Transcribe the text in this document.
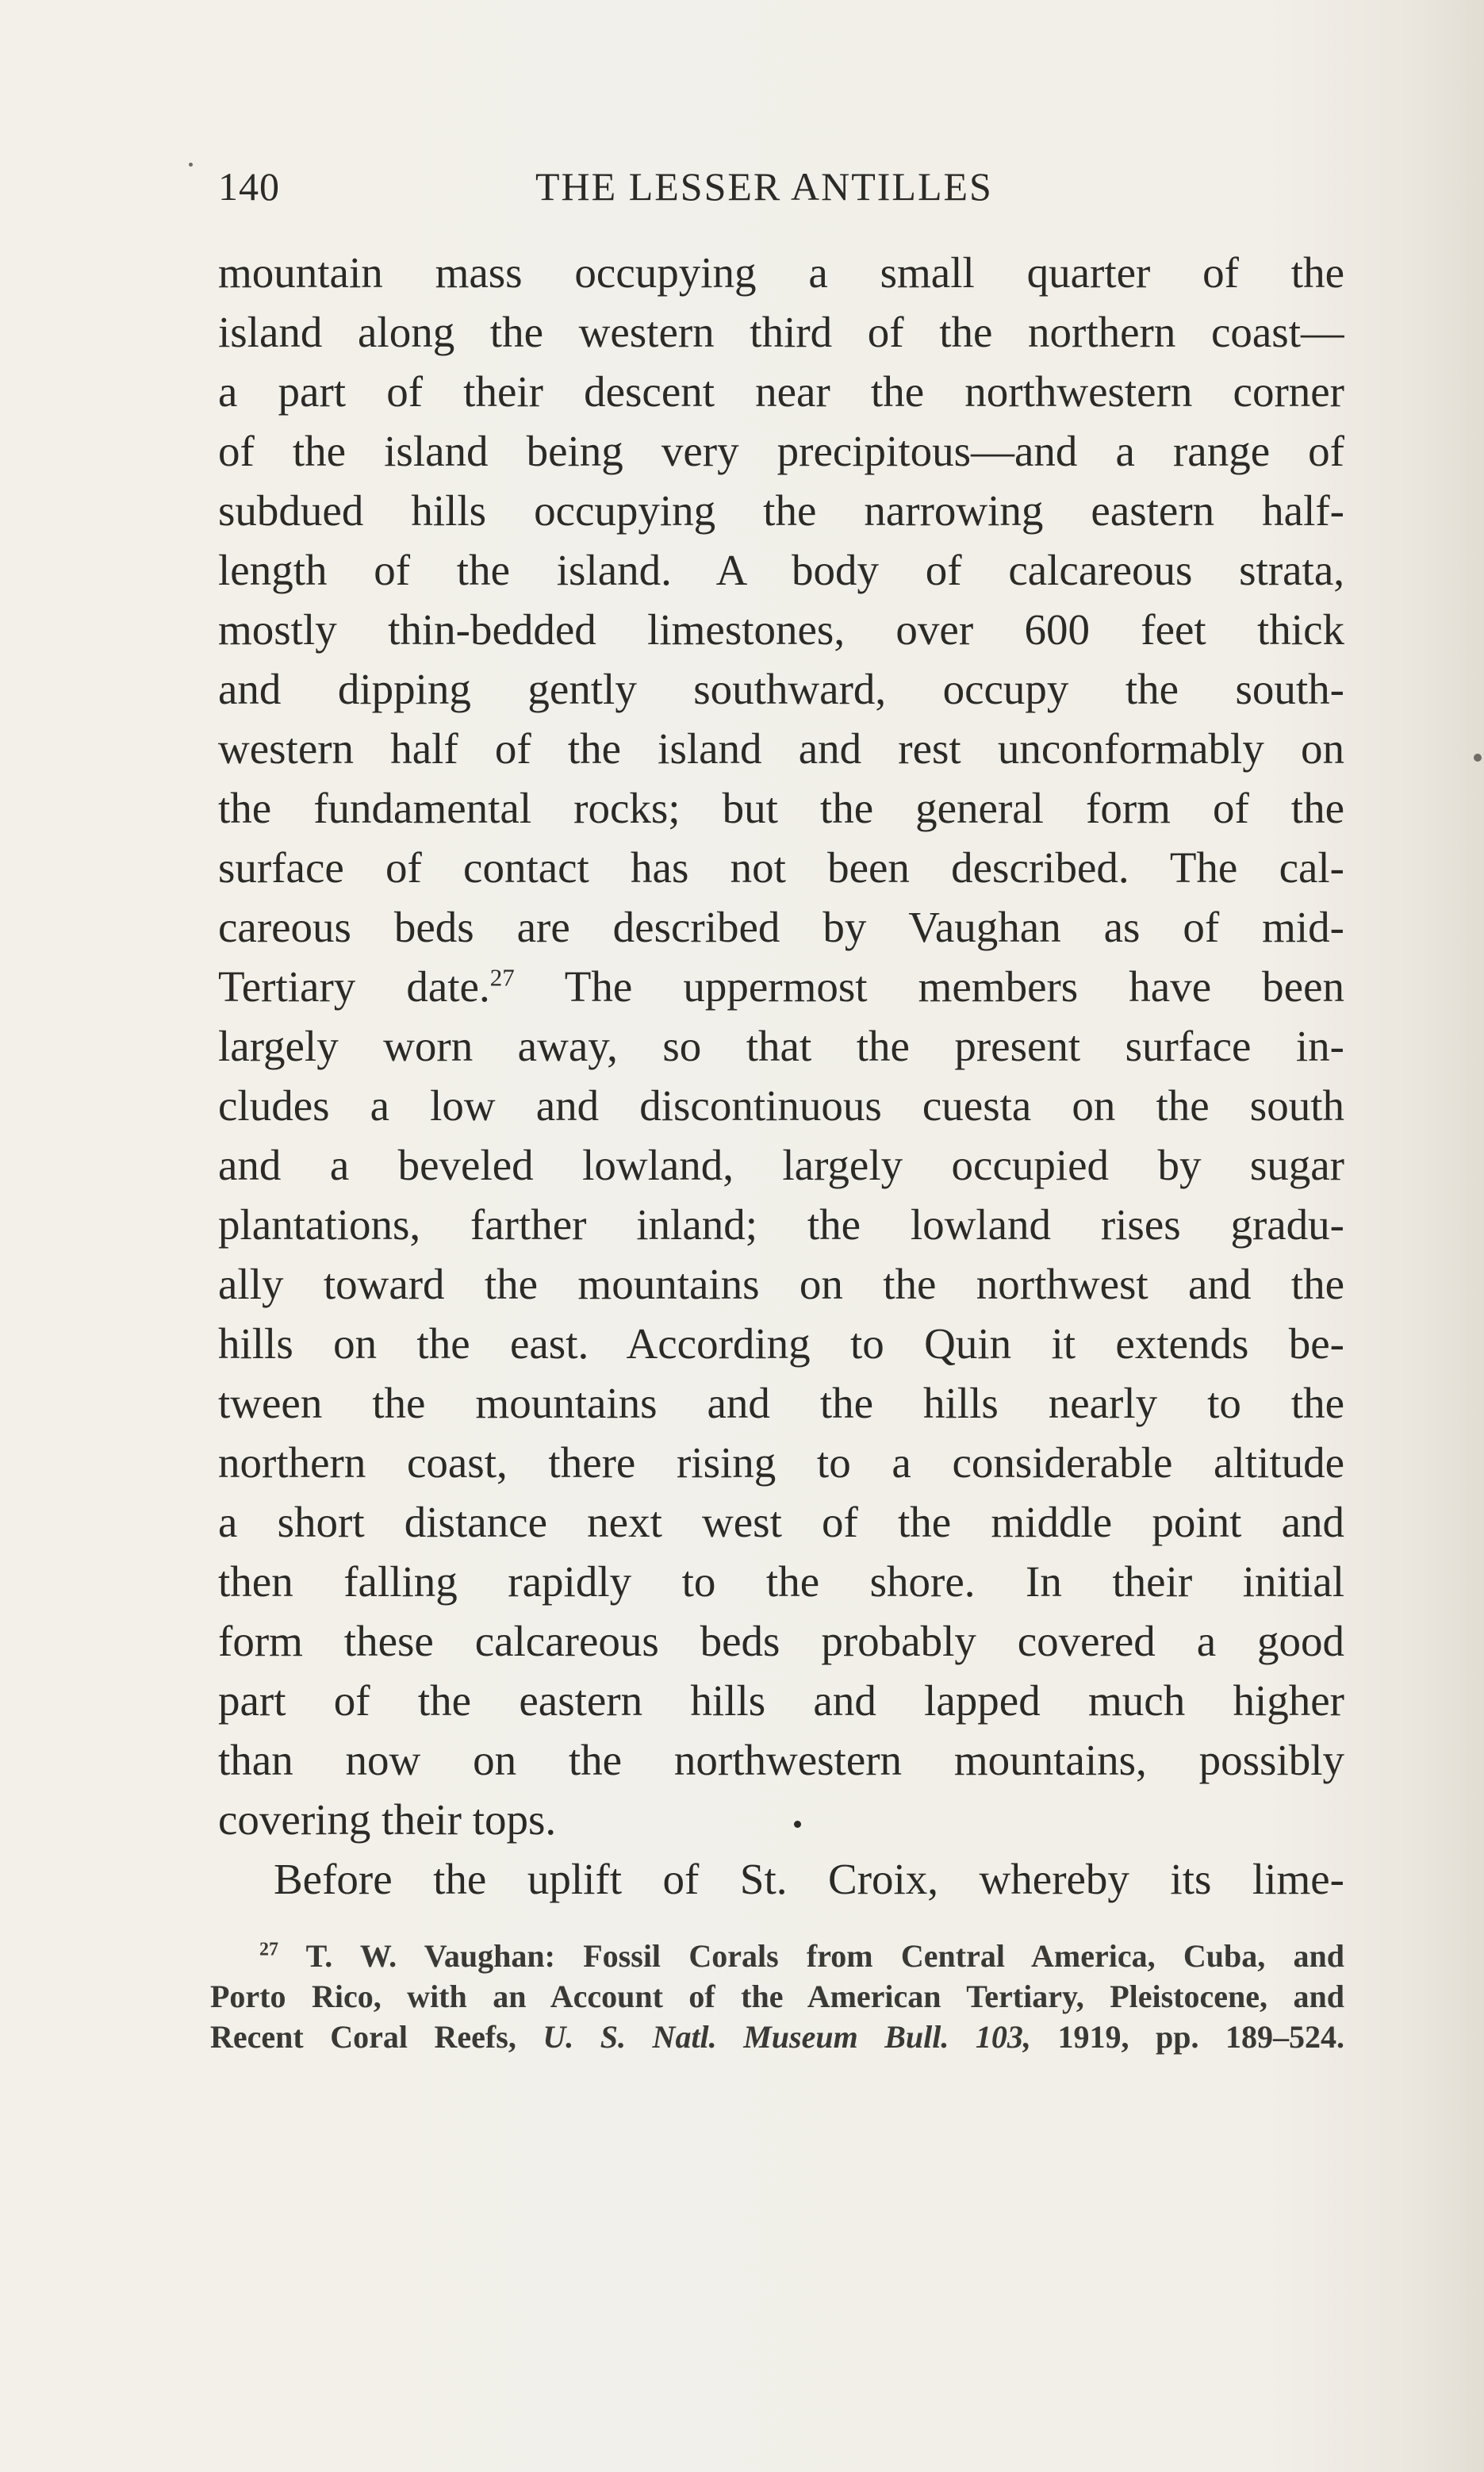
140	THE LESSER ANTILLES
mountain mass occupying a small quarter of the
island along the western third of the northern coast—
a part of their descent near the northwestern corner
of the island being very precipitous—and a range of
subdued hills occupying the narrowing eastern half-
length of the island. A body of calcareous strata,
mostly thin-bedded limestones, over 600 feet thick
and dipping gently southward, occupy the south-
western half of the island and rest unconformably on
the fundamental rocks; but the general form of the
surface of contact has not been described. The cal-
careous beds are described by Vaughan as of mid-
Tertiary date.$^{27}$ The uppermost members have been
largely worn away, so that the present surface in-
cludes a low and discontinuous cuesta on the south
and a beveled lowland, largely occupied by sugar
plantations, farther inland; the lowland rises gradu-
ally toward the mountains on the northwest and the
hills on the east. According to Quin it extends be-
tween the mountains and the hills nearly to the
northern coast, there rising to a considerable altitude
a short distance next west of the middle point and
then falling rapidly to the shore. In their initial
form these calcareous beds probably covered a good
part of the eastern hills and lapped much higher
than now on the northwestern mountains, possibly
covering their tops.
Before the uplift of St. Croix, whereby its lime-
$^{27}$ T. W. Vaughan: Fossil Corals from Central America, Cuba, and
Porto Rico, with an Account of the American Tertiary, Pleistocene, and
Recent Coral Reefs, U. S. Natl. Museum Bull. 103, 1919, pp. 189–524.
